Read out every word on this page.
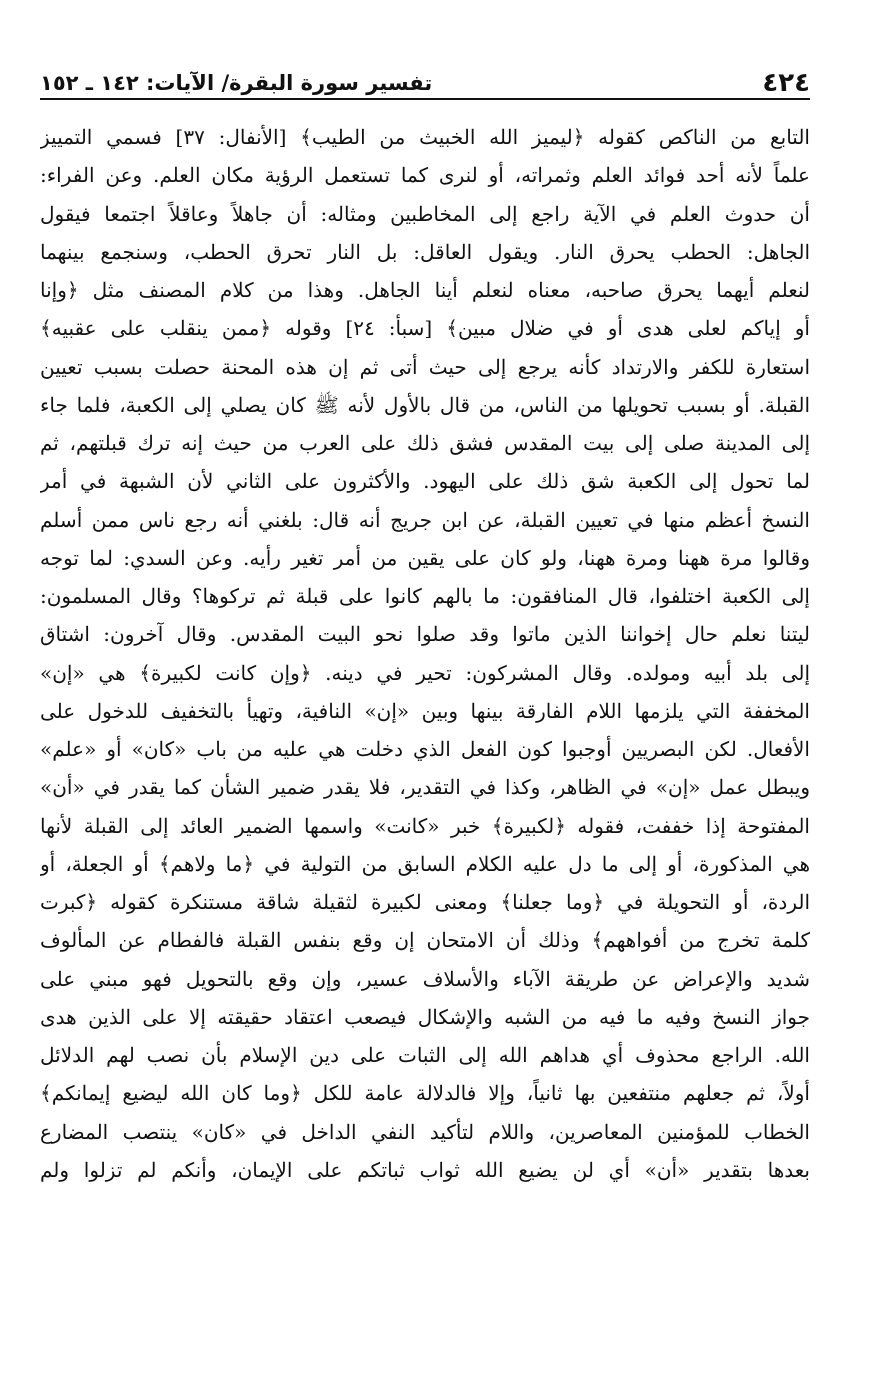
٤٢٤
تفسير سورة البقرة/ الآيات: ١٤٢ ـ ١٥٢
التابع من الناكص كقوله ﴿ليميز الله الخبيث من الطيب﴾ [الأنفال: ٣٧] فسمي التمييز
علماً لأنه أحد فوائد العلم وثمراته، أو لنرى كما تستعمل الرؤية مكان العلم. وعن الفراء:
أن حدوث العلم في الآية راجع إلى المخاطبين ومثاله: أن جاهلاً وعاقلاً اجتمعا فيقول
الجاهل: الحطب يحرق النار. ويقول العاقل: بل النار تحرق الحطب، وسنجمع بينهما
لنعلم أيهما يحرق صاحبه، معناه لنعلم أينا الجاهل. وهذا من كلام المصنف مثل ﴿وإنا
أو إياكم لعلى هدى أو في ضلال مبين﴾ [سبأ: ٢٤] وقوله ﴿ممن ينقلب على عقبيه﴾
استعارة للكفر والارتداد كأنه يرجع إلى حيث أتى ثم إن هذه المحنة حصلت بسبب تعيين
القبلة. أو بسبب تحويلها من الناس، من قال بالأول لأنه ﷺ كان يصلي إلى الكعبة، فلما جاء
إلى المدينة صلى إلى بيت المقدس فشق ذلك على العرب من حيث إنه ترك قبلتهم، ثم
لما تحول إلى الكعبة شق ذلك على اليهود. والأكثرون على الثاني لأن الشبهة في أمر
النسخ أعظم منها في تعيين القبلة، عن ابن جريج أنه قال: بلغني أنه رجع ناس ممن أسلم
وقالوا مرة ههنا ومرة ههنا، ولو كان على يقين من أمر تغير رأيه. وعن السدي: لما توجه
إلى الكعبة اختلفوا، قال المنافقون: ما بالهم كانوا على قبلة ثم تركوها؟ وقال المسلمون:
ليتنا نعلم حال إخواننا الذين ماتوا وقد صلوا نحو البيت المقدس. وقال آخرون: اشتاق
إلى بلد أبيه ومولده. وقال المشركون: تحير في دينه. ﴿وإن كانت لكبيرة﴾ هي «إن»
المخففة التي يلزمها اللام الفارقة بينها وبين «إن» النافية، وتهيأ بالتخفيف للدخول على
الأفعال. لكن البصريين أوجبوا كون الفعل الذي دخلت هي عليه من باب «كان» أو «علم»
ويبطل عمل «إن» في الظاهر، وكذا في التقدير، فلا يقدر ضمير الشأن كما يقدر في «أن»
المفتوحة إذا خففت، فقوله ﴿لكبيرة﴾ خبر «كانت» واسمها الضمير العائد إلى القبلة لأنها
هي المذكورة، أو إلى ما دل عليه الكلام السابق من التولية في ﴿ما ولاهم﴾ أو الجعلة، أو
الردة، أو التحويلة في ﴿وما جعلنا﴾ ومعنى لكبيرة لثقيلة شاقة مستنكرة كقوله ﴿كبرت
كلمة تخرج من أفواههم﴾ وذلك أن الامتحان إن وقع بنفس القبلة فالفطام عن المألوف
شديد والإعراض عن طريقة الآباء والأسلاف عسير، وإن وقع بالتحويل فهو مبني على
جواز النسخ وفيه ما فيه من الشبه والإشكال فيصعب اعتقاد حقيقته إلا على الذين هدى
الله. الراجع محذوف أي هداهم الله إلى الثبات على دين الإسلام بأن نصب لهم الدلائل
أولاً، ثم جعلهم منتفعين بها ثانياً، وإلا فالدلالة عامة للكل ﴿وما كان الله ليضيع إيمانكم﴾
الخطاب للمؤمنين المعاصرين، واللام لتأكيد النفي الداخل في «كان» ينتصب المضارع
بعدها بتقدير «أن» أي لن يضيع الله ثواب ثباتكم على الإيمان، وأنكم لم تزلوا ولم
